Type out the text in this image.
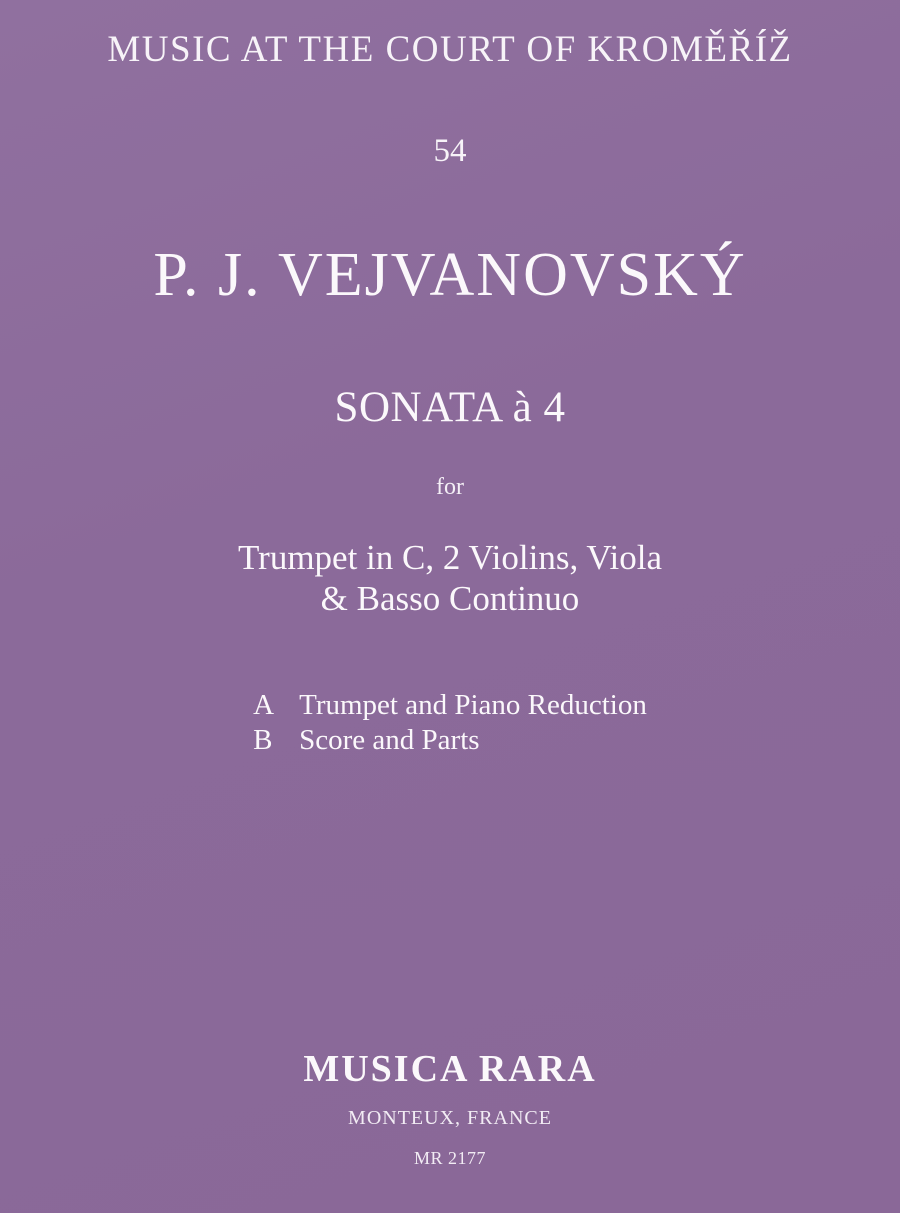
MUSIC AT THE COURT OF KROMĚŘÍŽ
54
P. J. VEJVANOVSKÝ
SONATA à 4
for
Trumpet in C, 2 Violins, Viola
& Basso Continuo
A Trumpet and Piano Reduction
B Score and Parts
MUSICA RARA
MONTEUX, FRANCE
MR 2177
